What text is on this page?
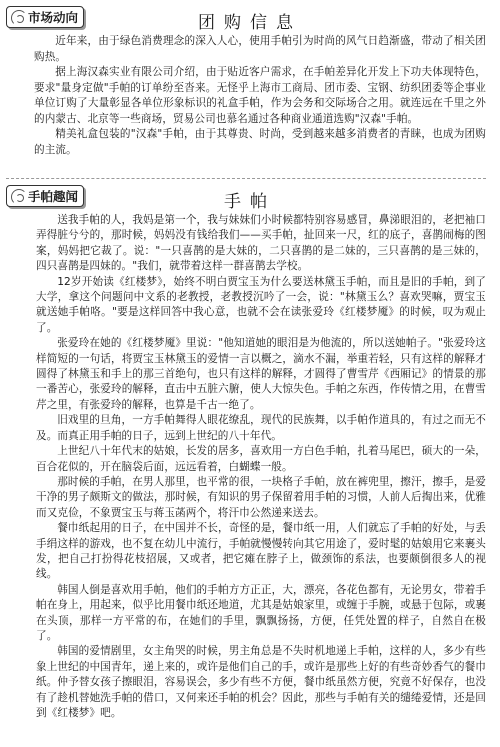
市场动向	团购信息

近年来，由于绿色消费理念的深入人心，使用手帕引为时尚的风气日趋渐盛，带动了相关团购热。

据上海汉森实业有限公司介绍，由于贴近客户需求，在手帕差异化开发上下功夫体现特色，要求"量身定做"手帕的订单纷至沓来。无怪乎上海市工商局、团市委、宝钢、纺织团委等企事业单位订购了大量彰显各单位形象标识的礼盒手帕，作为会务和交际场合之用。就连远在千里之外的内蒙古、北京等一些商场，贸易公司也慕名通过各种商业通道选购"汉森"手帕。

精美礼盒包装的"汉森"手帕，由于其尊贵、时尚，受到越来越多消费者的青睐，也成为团购的主流。

手帕趣闻	手帕

送我手帕的人，我妈是第一个，我与妹妹们小时候都特别容易感冒，鼻涕眼泪的，老把袖口弄得脏兮兮的，那时候，妈妈没有钱给我们——买手帕，扯回来一尺，红的底子，喜鹊闹梅的图案，妈妈把它裁了。说："一只喜鹊的是大妹的，二只喜鹊的是二妹的，三只喜鹊的是三妹的，四只喜鹊是四妹的。"我们，就带着这样一群喜鹊去学校。

12岁开始读《红楼梦》，始终不明白贾宝玉为什么要送林黛玉手帕，而且是旧的手帕，到了大学，拿这个问题问中文系的老教授，老教授沉吟了一会，说："林黛玉么？喜欢哭嘛，贾宝玉就送她手帕咯。"要是这样回答中我心意，也就不会在读张爱玲《红楼梦魇》的时候，叹为观止了。

张爱玲在她的《红楼梦魇》里说："他知道她的眼泪是为他流的，所以送她帕子。"张爱玲这样简短的一句话，将贾宝玉林黛玉的爱情一言以概之，滴水不漏，举重若轻，只有这样的解释才圆得了林黛玉和手上的那三首绝句，也只有这样的解释，才圆得了曹雪芹《西厢记》的情景的那一番苦心，张爱玲的解释，直击中五脏六腑，使人大惊失色。手帕之东西，作传情之用，在曹雪芹之里，有张爱玲的解释，也算是千古一绝了。

旧戏里的旦角，一方手帕舞得人眼花缭乱，现代的民族舞，以手帕作道具的，有过之而无不及。而真正用手帕的日子，远到上世纪的八十年代。

上世纪八十年代末的姑娘，长发的居多，喜欢用一方白色手帕，扎着马尾巴，硕大的一朵，百合花似的，开在脑袋后面，远远看着，白蝴蝶一般。

那时候的手帕，在男人那里，也平常的很，一块格子手帕，放在裤兜里，擦汗，擦手，是爱干净的男子颇斯文的做法，那时候，有知识的男子保留着用手帕的习惯，人前人后掏出来，优雅而又克俭，不象贾宝玉与蒋玉菡两个，将汗巾公然递来送去。

餐巾纸起用的日子，在中国并不长，奇怪的是，餐巾纸一用，人们就忘了手帕的好处，与丢手绢这样的游戏，也不复在幼儿中流行，手帕就慢慢转向其它用途了，爱时髦的姑娘用它来裹头发，把自己打扮得花枝招展，又或者，把它瘫在脖子上，做颈饰的系法，也要颇倒很多人的视线。

韩国人倒是喜欢用手帕，他们的手帕方方正正，大，漂亮，各花色都有，无论男女，带着手帕在身上，用起来，似乎比用餐巾纸还地道，尤其是姑娘家里，或缠于手腕，或悬于包际，或裹在头顶，那样一方平常的布，在她们的手里，飘飘扬扬，方便，任凭处置的样子，自然自在极了。

韩国的爱情剧里，女主角哭的时候，男主角总是不失时机地递上手帕，这样的人，多少有些象上世纪的中国青年，递上来的，或许是他们自己的手，或许是那些上好的有些奇妙香气的餐巾纸。仲予替女孩子擦眼泪，容易误会，多少有些不方便，餐巾纸虽然方便，究竟不好保存，也没有了趁机替她洗手帕的借口，又何来还手帕的机会？因此，那些与手帕有关的缱绻爱情，还是回到《红楼梦》吧。
